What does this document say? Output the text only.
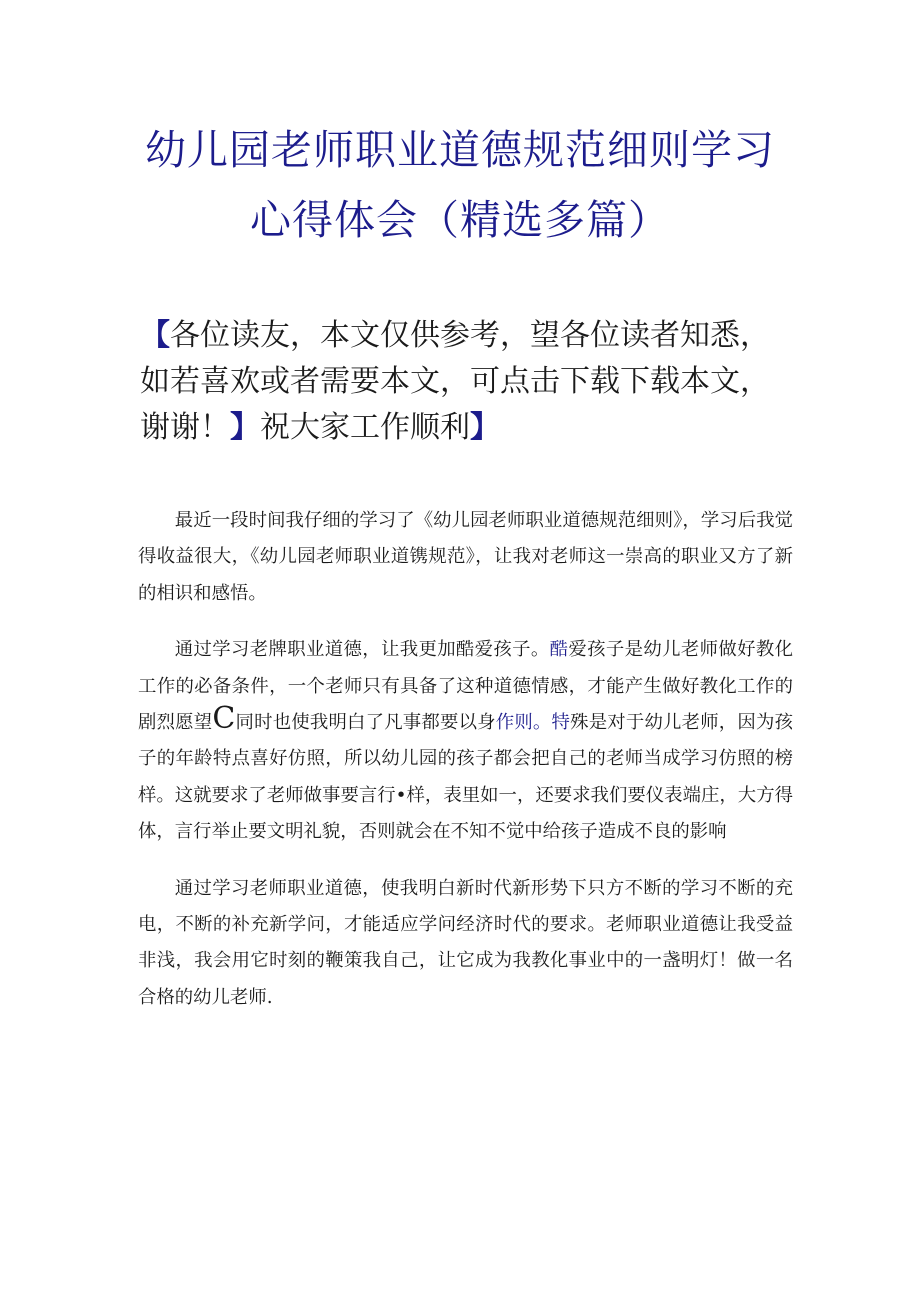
幼儿园老师职业道德规范细则学习
心得体会（精选多篇）

【各位读友，本文仅供参考，望各位读者知悉，如若喜欢或者需要本文，可点击下载下载本文，谢谢！】祝大家工作顺利】

最近一段时间我仔细的学习了《幼儿园老师职业道德规范细则》，学习后我觉得收益很大，《幼儿园老师职业道镌规范》，让我对老师这一崇高的职业又方了新的相识和感悟。

通过学习老牌职业道德，让我更加酷爱孩子。酷爱孩子是幼儿老师做好教化工作的必备条件，一个老师只有具备了这种道德情感，才能产生做好教化工作的剧烈愿望C同时也使我明白了凡事都要以身作则。特殊是对于幼儿老师，因为孩子的年龄特点喜好仿照，所以幼儿园的孩子都会把自己的老师当成学习仿照的榜样。这就要求了老师做事要言行•样，表里如一，还要求我们要仪表端庄，大方得体，言行举止要文明礼貌，否则就会在不知不觉中给孩子造成不良的影响

通过学习老师职业道德，使我明白新时代新形势下只方不断的学习不断的充电，不断的补充新学问，才能适应学问经济时代的要求。老师职业道德让我受益非浅，我会用它时刻的鞭策我自己，让它成为我教化事业中的一盏明灯！做一名合格的幼儿老师.
